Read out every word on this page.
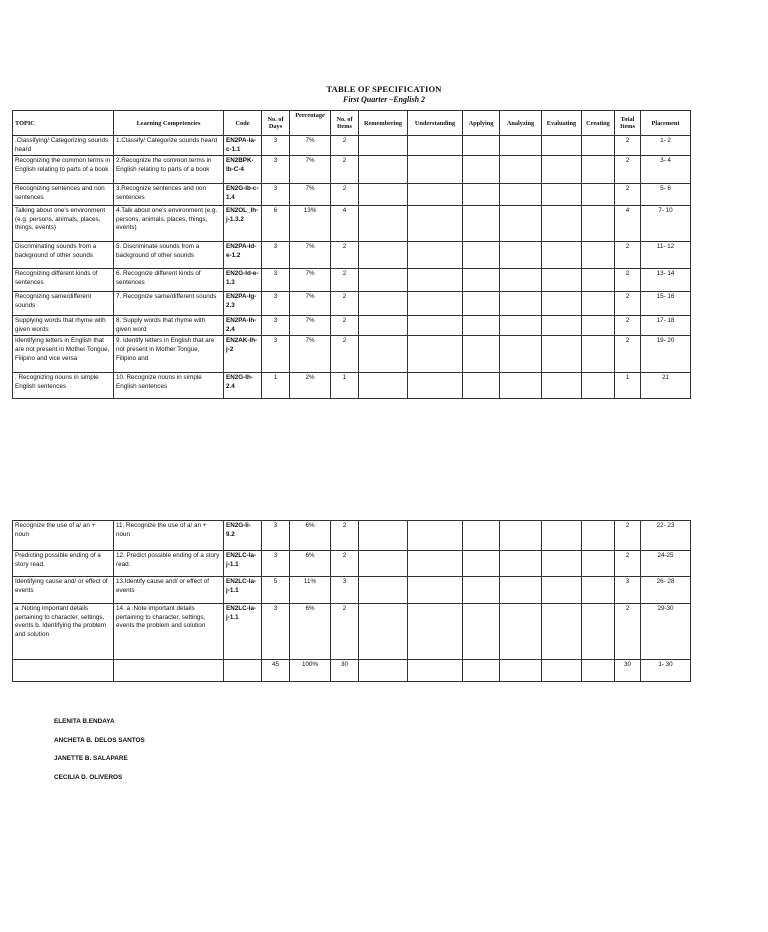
TABLE OF SPECIFICATION
First Quarter –English 2
TOPIC	Learning Competencies	Code	No. of Days	Percentage	No. of Items	Remembering	Understanding	Applying	Analyzing	Evaluating	Creating	Total Items	Placement
.Classifying/ Categorizing sounds heard	1.Classify/ Categorize sounds heard	EN2PA-Ia-c-1.1	3	7%	2							2	1- 2
Recognizing the common terms in English relating to parts of a book	2.Recognize the common terms in English relating to parts of a book	EN2BPK-Ib-C-4	3	7%	2							2	3- 4
Recognizing sentences and non sentences	3.Recognize sentences and non sentences	EN2G-Ib-c-1.4	3	7%	2							2	5- 6
Talking about one's environment (e.g. persons, animals, places, things, events)	4.Talk about one's environment (e.g. persons, animals, places, things, events)	EN2OL_Ih-j-1.3.2	6	13%	4							4	7- 10
Discriminating sounds from a background of other sounds	5. Discriminate sounds from a background of other sounds	EN2PA-Id-e-1.2	3	7%	2							2	11- 12
Recognizing different kinds of sentences	6. Recognize different kinds of sentences	EN2G-Id-e-1.3	3	7%	2							2	13- 14
Recognizing same/different sounds	7. Recognize same/different sounds	EN2PA-Ig-2.3	3	7%	2							2	15- 16
Supplying words that rhyme with given words	8. Supply words that rhyme with given word	EN2PA-Ih-2.4	3	7%	2							2	17- 18
Identifying letters in English that are not present in Mother Tongue, Filipino and vice versa	9. Identify letters in English that are not present in Mother Tongue, Filipino and	EN2AK-Ih-j-2	3	7%	2							2	19- 20
. Recognizing nouns in simple English sentences	10. Recognize nouns in simple English sentences	EN2G-Ih-2.4	1	2%	1							1	21
Recognize the use of a/ an + noun	11. Recognize the use of a/ an + noun	EN2G-Ii-9.2	3	6%	2							2	22- 23
Predicting possible ending of a story read.	12. Predict possible ending of a story read.	EN2LC-Ia-j-1.1	3	6%	2							2	24-25
Identifying cause and/ or effect of events	13.Identify cause and/ or effect of events	EN2LC-Ia-j-1.1	5	11%	3							3	26- 28
a .Noting important details pertaining to character, settings, events b. Identifying the problem and solution	14. a .Note important details pertaining to character, settings, events the problem and solution	EN2LC-Ia-j-1.1	3	6%	2							2	29-30
			45	100%	30							30	1- 30
ELENITA B.ENDAYA
ANCHETA B. DELOS SANTOS
JANETTE B. SALAPARE
CECILIA D. OLIVEROS
